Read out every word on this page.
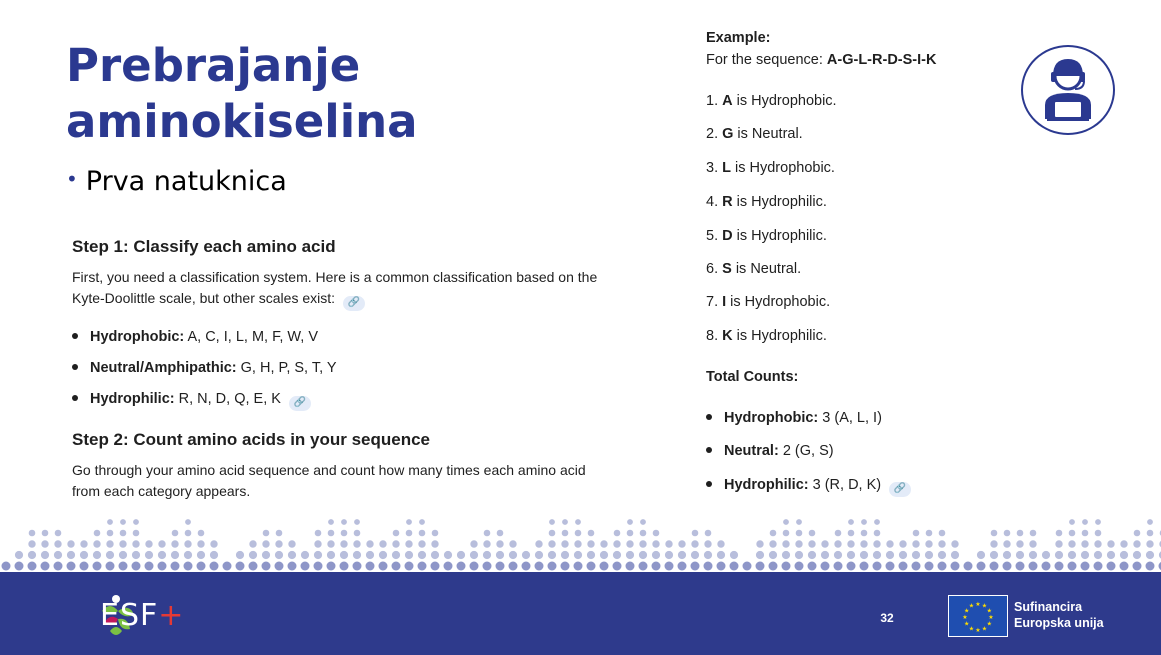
Prebrajanje
aminokiselina
• Prva natuknica
Step 1: Classify each amino acid
First, you need a classification system. Here is a common classification based on the
Kyte-Doolittle scale, but other scales exist: 🔗
Hydrophobic: A, C, I, L, M, F, W, V
Neutral/Amphipathic: G, H, P, S, T, Y
Hydrophilic: R, N, D, Q, E, K 🔗
Step 2: Count amino acids in your sequence
Go through your amino acid sequence and count how many times each amino acid
from each category appears.
Example:
For the sequence: A-G-L-R-D-S-I-K
1. A is Hydrophobic.
2. G is Neutral.
3. L is Hydrophobic.
4. R is Hydrophilic.
5. D is Hydrophilic.
6. S is Neutral.
7. I is Hydrophobic.
8. K is Hydrophilic.
Total Counts:
Hydrophobic: 3 (A, L, I)
Neutral: 2 (G, S)
Hydrophilic: 3 (R, D, K) 🔗
ESF+	32	★
★
★
★
★
★
★
★
★ ★ ★
★ Sufinancira
Europska unija
